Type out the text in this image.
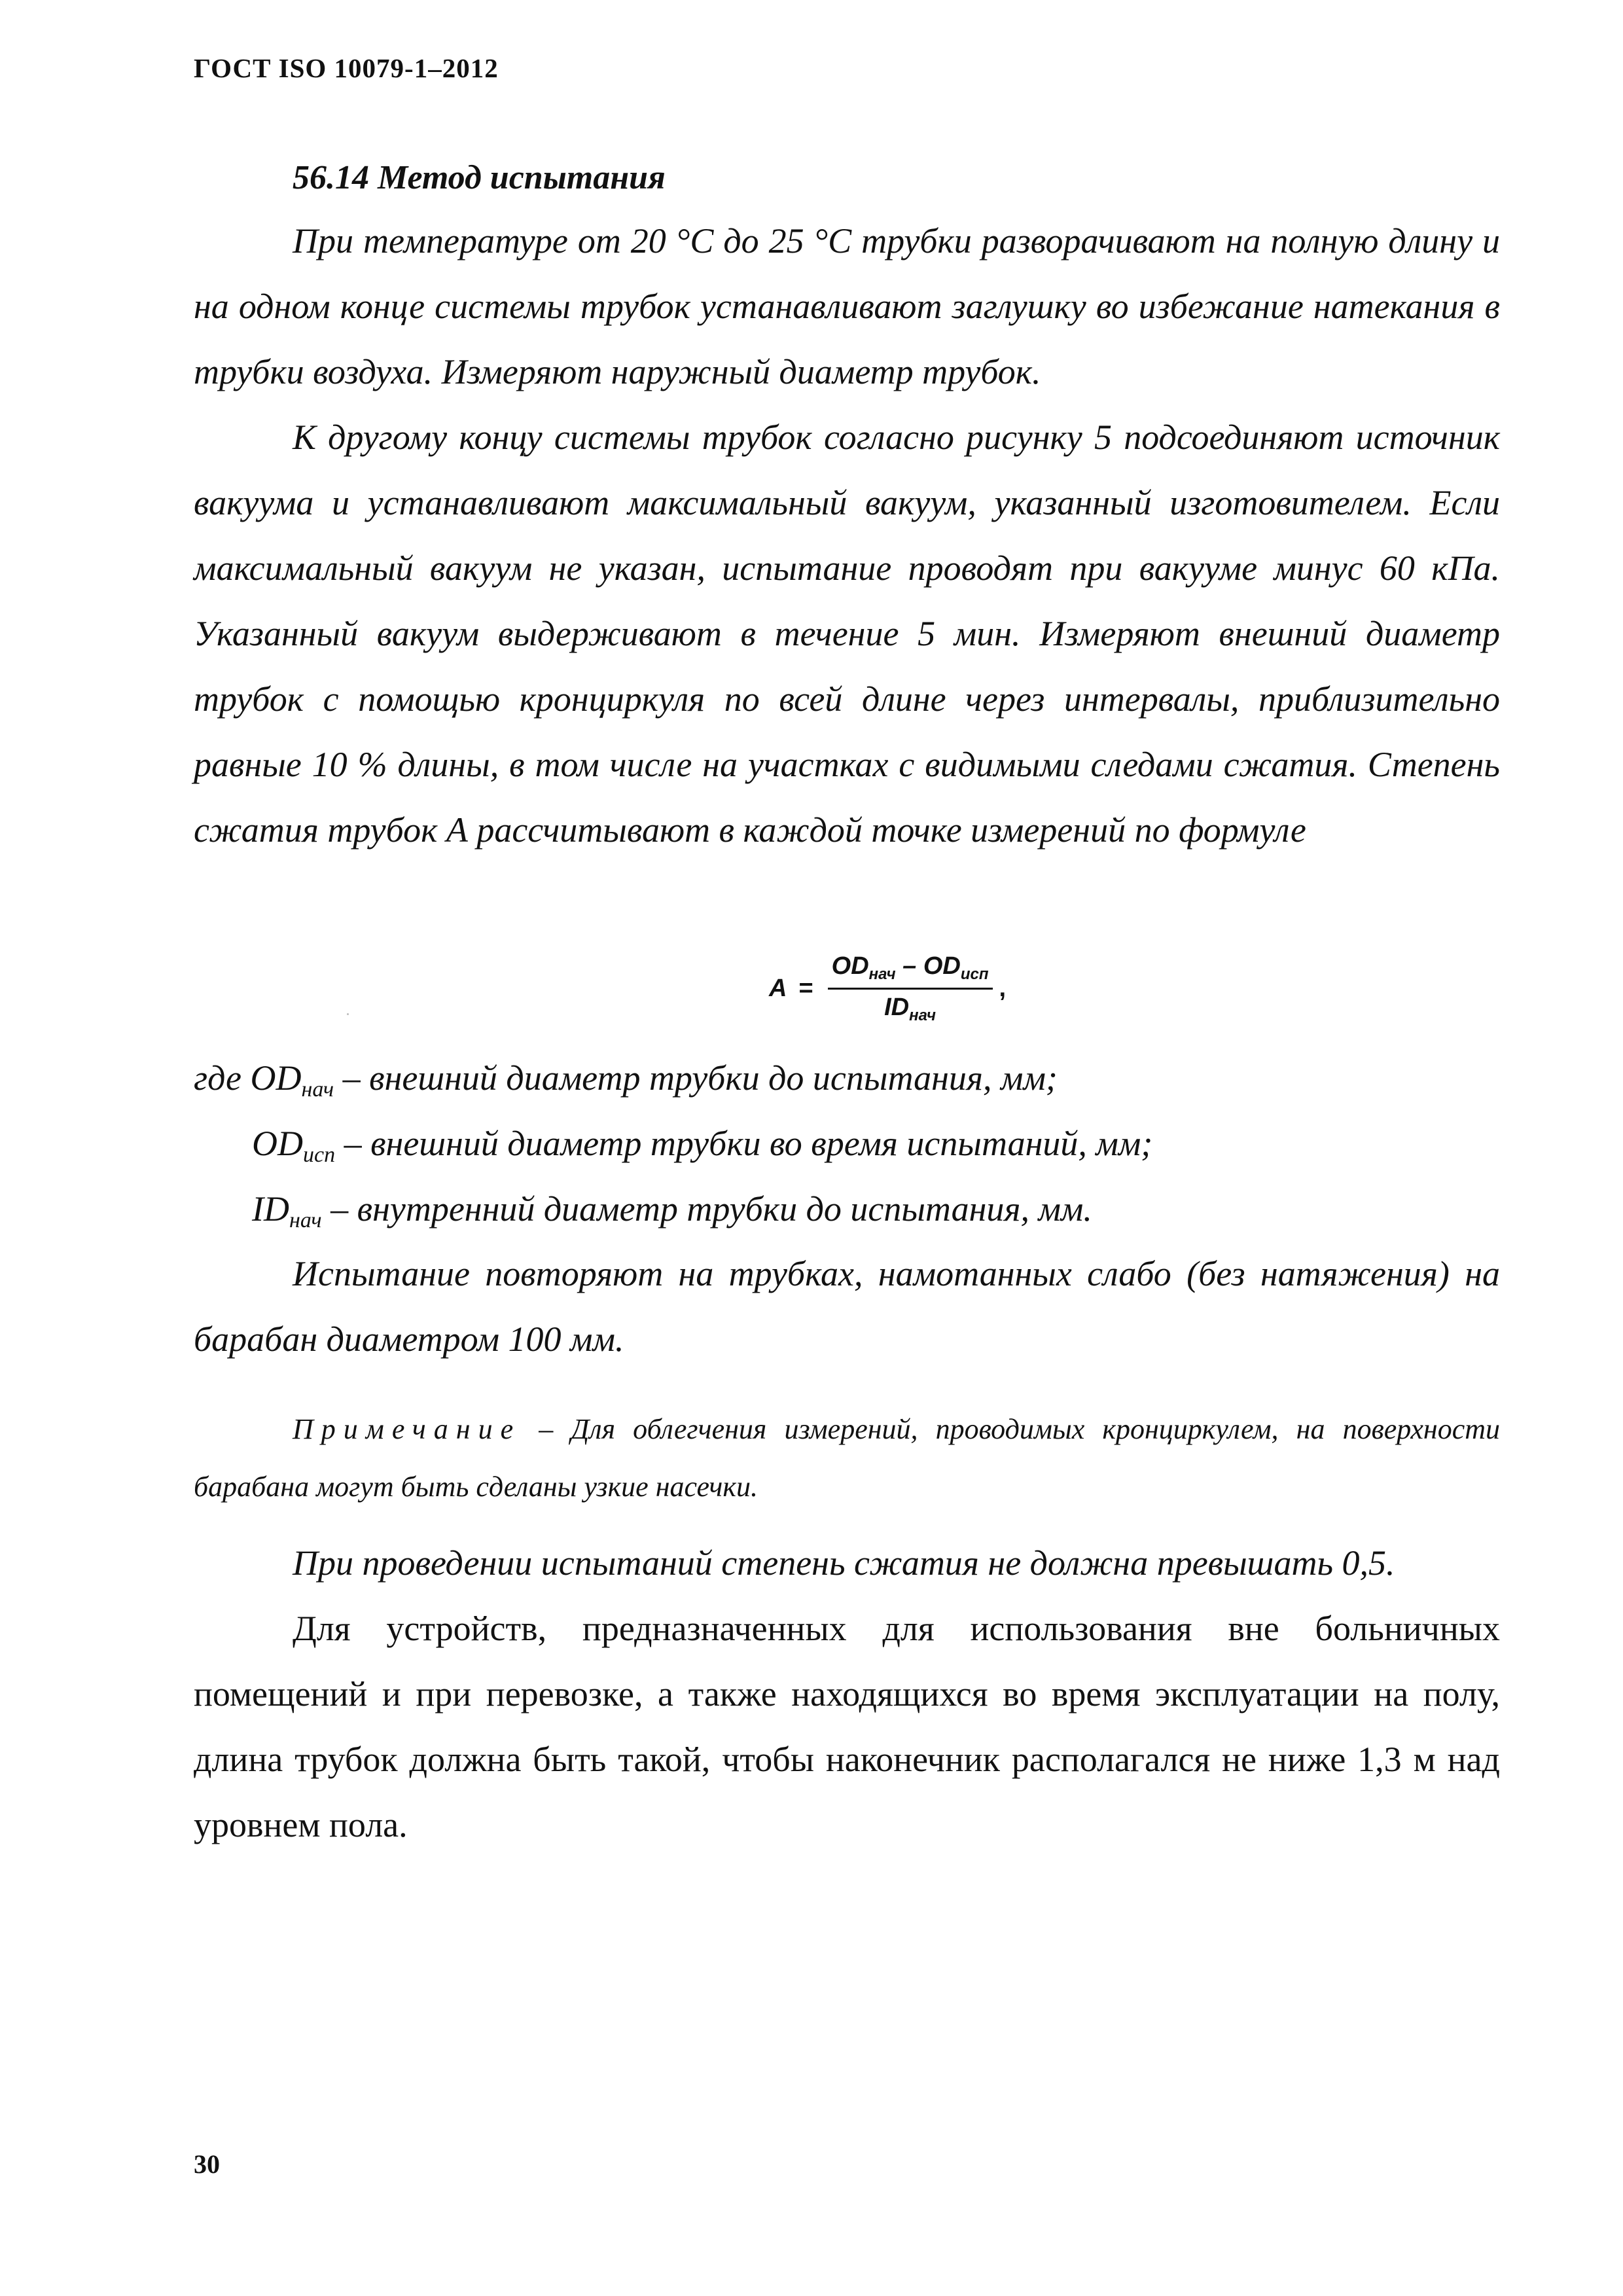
ГОСТ ISO 10079-1–2012
56.14 Метод испытания

При температуре от 20 °С до 25 °С трубки разворачивают на полную длину и на одном конце системы трубок устанавливают заглушку во избежание натекания в трубки воздуха. Измеряют наружный диаметр трубок.

К другому концу системы трубок согласно рисунку 5 подсоединяют источник вакуума и устанавливают максимальный вакуум, указанный изготовителем. Если максимальный вакуум не указан, испытание проводят при вакууме минус 60 кПа. Указанный вакуум выдерживают в течение 5 мин. Измеряют внешний диаметр трубок с помощью кронциркуля по всей длине через интервалы, приблизительно равные 10 % длины, в том числе на участках с видимыми следами сжатия. Степень сжатия трубок А рассчитывают в каждой точке измерений по формуле

$A = \frac{OD_{нач} - OD_{исп}}{ID_{нач}}$ ,
где $OD_{нач}$ – внешний диаметр трубки до испытания, мм;
$OD_{исп}$ – внешний диаметр трубки во время испытаний, мм;
$ID_{нач}$ – внутренний диаметр трубки до испытания, мм.

Испытание повторяют на трубках, намотанных слабо (без натяжения) на барабан диаметром 100 мм.

Примечание – Для облегчения измерений, проводимых кронциркулем, на поверхности барабана могут быть сделаны узкие насечки.

При проведении испытаний степень сжатия не должна превышать 0,5.

Для устройств, предназначенных для использования вне больничных помещений и при перевозке, а также находящихся во время эксплуатации на полу, длина трубок должна быть такой, чтобы наконечник располагался не ниже 1,3 м над уровнем пола.

30
